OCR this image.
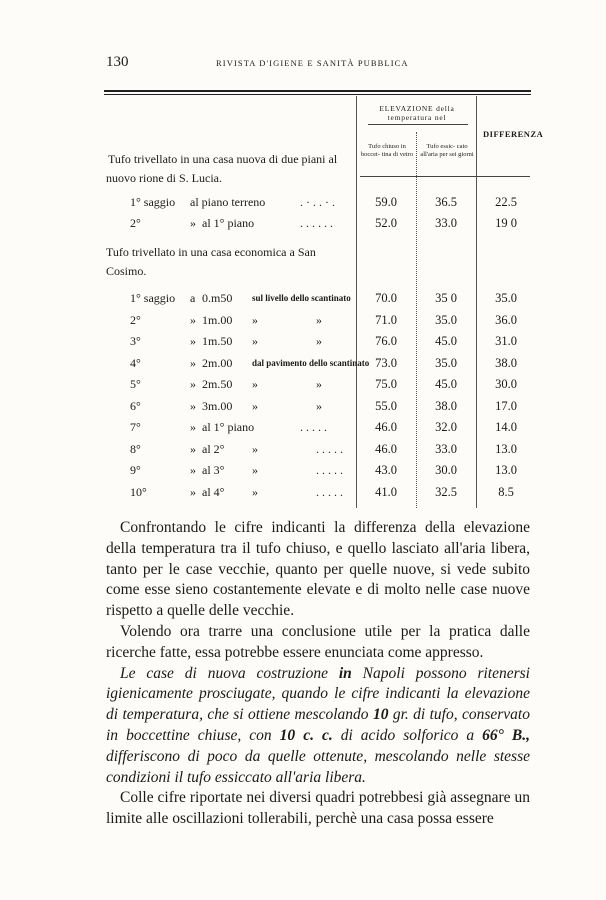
130	RIVISTA D'IGIENE E SANITÀ PUBBLICA
ELEVAZIONE della temperatura nel
Tufo chiuso in boccet- tina di vetro
Tufo essic- cato all'aria per sei giorni
DIFFERENZA
Tufo trivellato in una casa nuova di due piani al nuovo rione di S. Lucia.
1° saggio al piano terreno	. · . . · .	59.0	36.5	22.5
2°	» al 1° piano	. . . . . .	52.0	33.0	19 0
Tufo trivellato in una casa economica a San Cosimo.
1° saggio a 0.m50 sul livello dello scantinato	70.0	35 0	35.0
2°	» 1m.00 »	»	71.0	35.0	36.0
3°	» 1m.50 »	»	76.0	45.0	31.0
4°	» 2m.00 dal pavimento dello scantinato 73.0	35.0	38.0
5°	» 2m.50 »	»	75.0	45.0	30.0
6°	» 3m.00 »	»	55.0	38.0	17.0
7°	» al 1° piano	. . . . .	46.0	32.0	14.0
8°	» al 2° »	. . . . .	46.0	33.0	13.0
9°	» al 3° »	. . . . .	43.0	30.0	13.0
10°	» al 4° »	. . . . .	41.0	32.5	8.5

Confrontando le cifre indicanti la differenza della elevazione della temperatura tra il tufo chiuso, e quello lasciato all'aria libera, tanto per le case vecchie, quanto per quelle nuove, si vede subito come esse sieno costantemente elevate e di molto nelle case nuove rispetto a quelle delle vecchie.

Volendo ora trarre una conclusione utile per la pratica dalle ricerche fatte, essa potrebbe essere enunciata come appresso.

Le case di nuova costruzione in Napoli possono ritenersi igienicamente prosciugate, quando le cifre indicanti la elevazione di temperatura, che si ottiene mescolando 10 gr. di tufo, conservato in boccettine chiuse, con 10 c. c. di acido solforico a 66° B., differiscono di poco da quelle ottenute, mescolando nelle stesse condizioni il tufo essiccato all'aria libera.

Colle cifre riportate nei diversi quadri potrebbesi già assegnare un limite alle oscillazioni tollerabili, perchè una casa possa essere
